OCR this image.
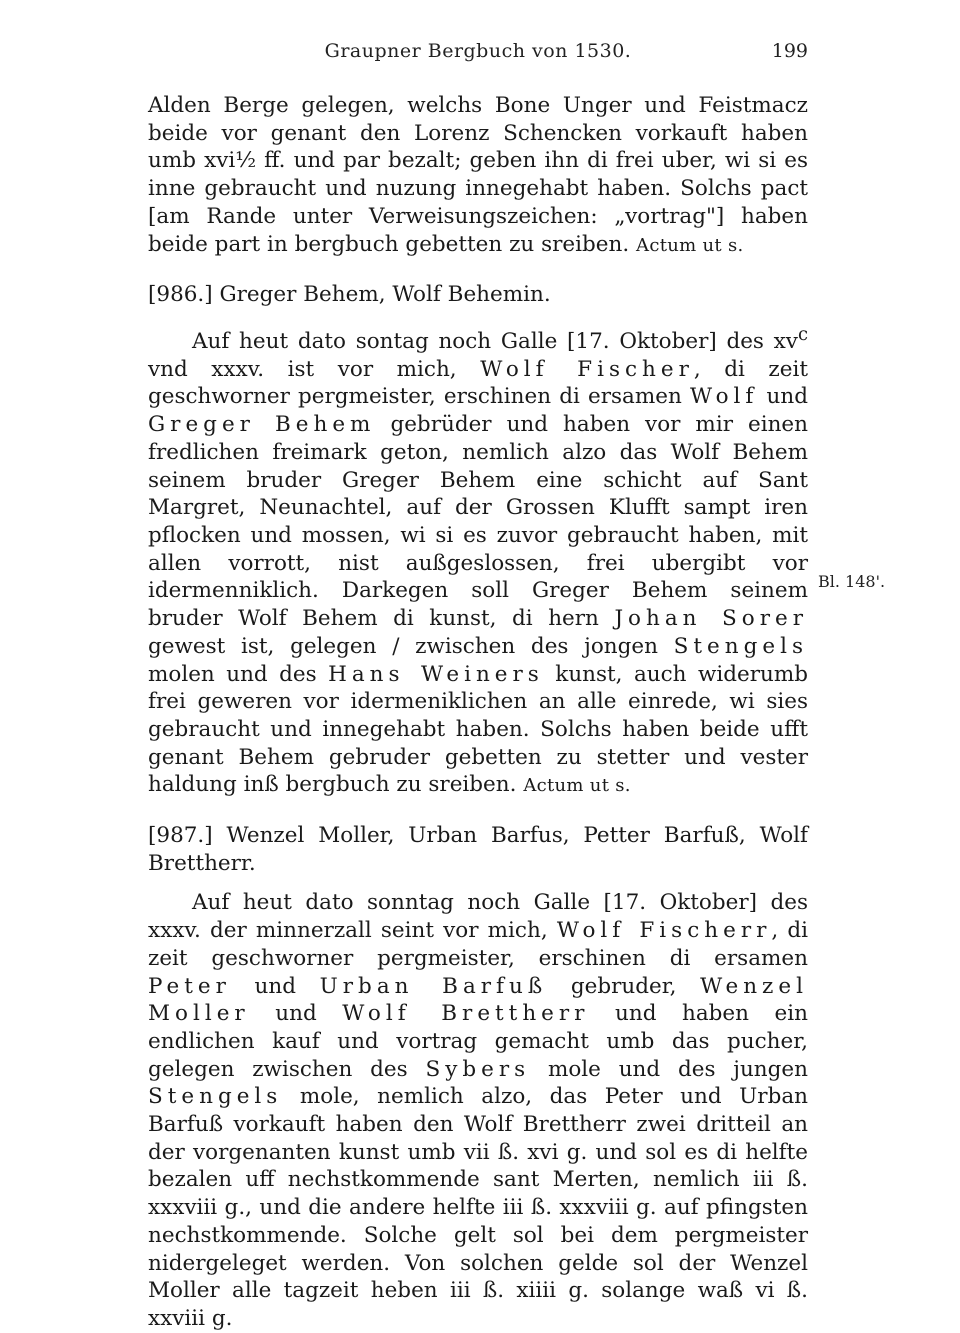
Graupner Bergbuch von 1530.	199
Bl. 148'.

Alden Berge gelegen, welchs Bone Unger und Feistmacz beide vor genant den Lorenz Schencken vorkauft haben umb xvi½ ff. und par bezalt; geben ihn di frei uber, wi si es inne gebraucht und nuzung innegehabt haben. Solchs pact [am Rande unter Verweisungszeichen: „vortrag"] haben beide part in bergbuch gebetten zu sreiben. Actum ut s.

[986.] Greger Behem, Wolf Behemin.

Auf heut dato sontag noch Galle [17. Oktober] des $xv^c$ vnd xxxv. ist vor mich, Wolf Fischer, di zeit geschworner pergmeister, erschinen di ersamen Wolf und Greger Behem gebrüder und haben vor mir einen fredlichen freimark geton, nemlich alzo das Wolf Behem seinem bruder Greger Behem eine schicht auf Sant Margret, Neunachtel, auf der Grossen Klufft sampt iren pflocken und mossen, wi si es zuvor gebraucht haben, mit allen vorrott, nist außgeslossen, frei ubergibt vor idermenniklich. Darkegen soll Greger Behem seinem bruder Wolf Behem di kunst, di hern Johan Sorer gewest ist, gelegen / zwischen des jongen Stengels molen und des Hans Weiners kunst, auch widerumb frei geweren vor idermeniklichen an alle einrede, wi sies gebraucht und innegehabt haben. Solchs haben beide ufft genant Behem gebruder gebetten zu stetter und vester haldung inß bergbuch zu sreiben. Actum ut s.

[987.] Wenzel Moller, Urban Barfus, Petter Barfuß, Wolf Brettherr.

Auf heut dato sonntag noch Galle [17. Oktober] des xxxv. der minnerzall seint vor mich, Wolf Fischerr, di zeit geschworner pergmeister, erschinen di ersamen Peter und Urban Barfuß gebruder, Wenzel Moller und Wolf Brettherr und haben ein endlichen kauf und vortrag gemacht umb das pucher, gelegen zwischen des Sybers mole und des jungen Stengels mole, nemlich alzo, das Peter und Urban Barfuß vorkauft haben den Wolf Brettherr zwei dritteil an der vorgenanten kunst umb vii ß. xvi g. und sol es di helfte bezalen uff nechstkommende sant Merten, nemlich iii ß. xxxviii g., und die andere helfte iii ß. xxxviii g. auf pfingsten nechstkommende. Solche gelt sol bei dem pergmeister nidergeleget werden. Von solchen gelde sol der Wenzel Moller alle tagzeit heben iii ß. xiiii g. solange waß vi ß. xxviii g.
